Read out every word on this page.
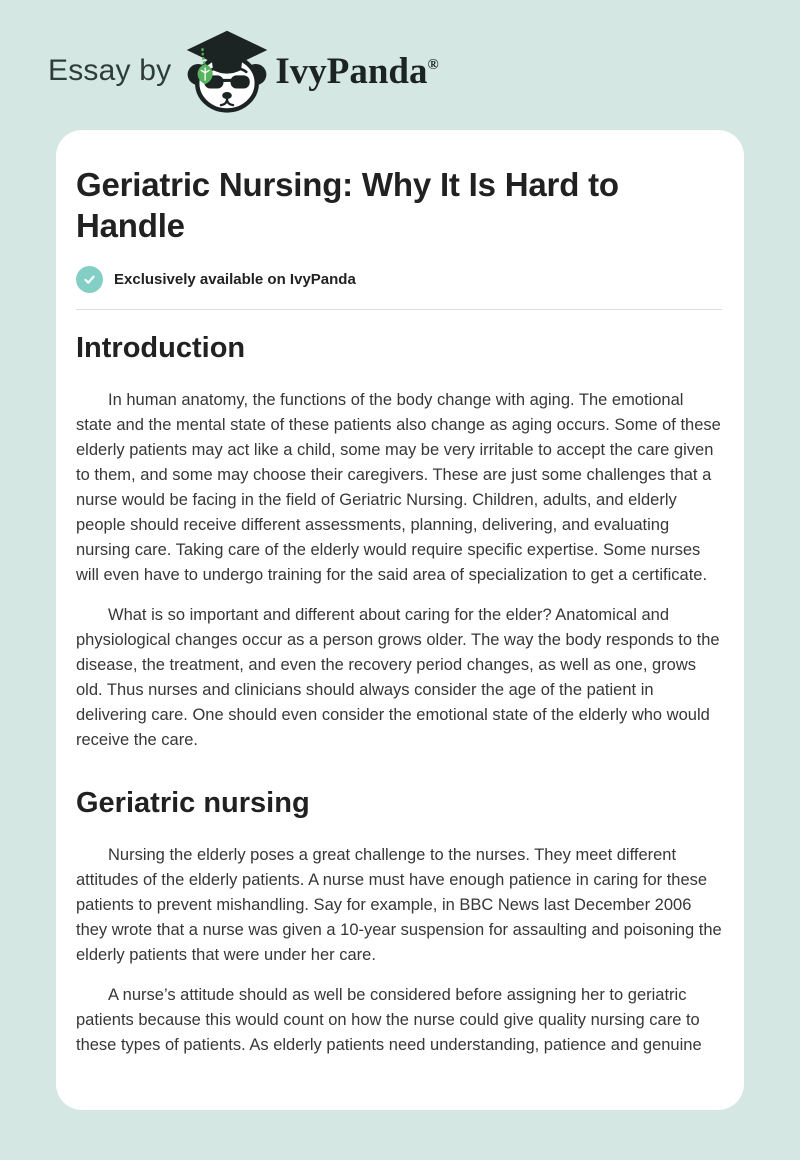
Essay by	IvyPanda®
Geriatric Nursing: Why It Is Hard to Handle
Exclusively available on IvyPanda
Introduction

In human anatomy, the functions of the body change with aging. The emotional state and the mental state of these patients also change as aging occurs. Some of these elderly patients may act like a child, some may be very irritable to accept the care given to them, and some may choose their caregivers. These are just some challenges that a nurse would be facing in the field of Geriatric Nursing. Children, adults, and elderly people should receive different assessments, planning, delivering, and evaluating nursing care. Taking care of the elderly would require specific expertise. Some nurses will even have to undergo training for the said area of specialization to get a certificate.

What is so important and different about caring for the elder? Anatomical and physiological changes occur as a person grows older. The way the body responds to the disease, the treatment, and even the recovery period changes, as well as one, grows old. Thus nurses and clinicians should always consider the age of the patient in delivering care. One should even consider the emotional state of the elderly who would receive the care.

Geriatric nursing

Nursing the elderly poses a great challenge to the nurses. They meet different attitudes of the elderly patients. A nurse must have enough patience in caring for these patients to prevent mishandling. Say for example, in BBC News last December 2006 they wrote that a nurse was given a 10-year suspension for assaulting and poisoning the elderly patients that were under her care.

A nurse’s attitude should as well be considered before assigning her to geriatric patients because this would count on how the nurse could give quality nursing care to these types of patients. As elderly patients need understanding, patience and genuine
